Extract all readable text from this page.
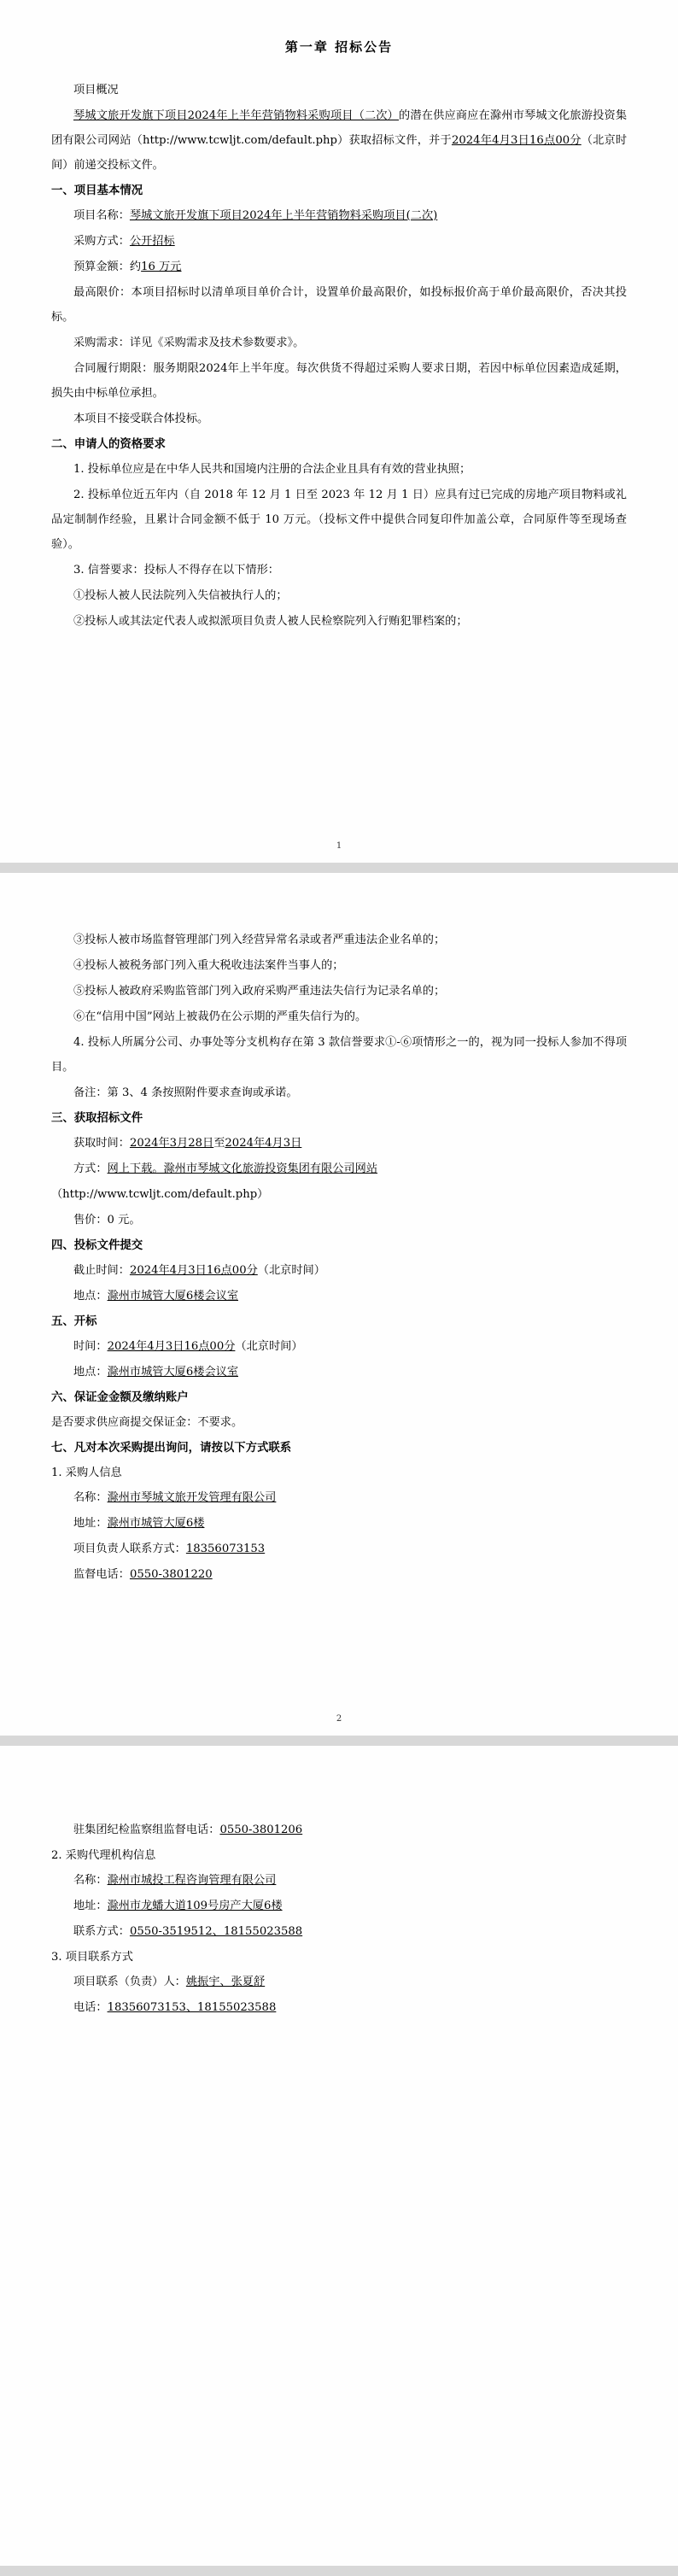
第一章 招标公告

项目概况

琴城文旅开发旗下项目2024年上半年营销物料采购项目（二次）的潜在供应商应在滁州市琴城文化旅游投资集团有限公司网站（http://www.tcwljt.com/default.php）获取招标文件，并于2024年4月3日16点00分（北京时间）前递交投标文件。

一、项目基本情况

项目名称：琴城文旅开发旗下项目2024年上半年营销物料采购项目(二次)

采购方式：公开招标

预算金额：约16 万元

最高限价：本项目招标时以清单项目单价合计，设置单价最高限价，如投标报价高于单价最高限价，否决其投标。

采购需求：详见《采购需求及技术参数要求》。

合同履行期限：服务期限2024年上半年度。每次供货不得超过采购人要求日期，若因中标单位因素造成延期，损失由中标单位承担。

本项目不接受联合体投标。

二、申请人的资格要求

1. 投标单位应是在中华人民共和国境内注册的合法企业且具有有效的营业执照；

2. 投标单位近五年内（自 2018 年 12 月 1 日至 2023 年 12 月 1 日）应具有过已完成的房地产项目物料或礼品定制制作经验，且累计合同金额不低于 10 万元。（投标文件中提供合同复印件加盖公章，合同原件等至现场查验）。

3. 信誉要求：投标人不得存在以下情形：

①投标人被人民法院列入失信被执行人的；

②投标人或其法定代表人或拟派项目负责人被人民检察院列入行贿犯罪档案的；

1

③投标人被市场监督管理部门列入经营异常名录或者严重违法企业名单的；

④投标人被税务部门列入重大税收违法案件当事人的；

⑤投标人被政府采购监管部门列入政府采购严重违法失信行为记录名单的；

⑥在“信用中国”网站上被裁仍在公示期的严重失信行为的。

4. 投标人所属分公司、办事处等分支机构存在第 3 款信誉要求①-⑥项情形之一的，视为同一投标人参加不得项目。

备注：第 3、4 条按照附件要求查询或承诺。

三、获取招标文件

获取时间：2024年3月28日至2024年4月3日

方式：网上下载。滁州市琴城文化旅游投资集团有限公司网站

（http://www.tcwljt.com/default.php）

售价：0 元。

四、投标文件提交

截止时间：2024年4月3日16点00分（北京时间）

地点：滁州市城管大厦6楼会议室

五、开标

时间：2024年4月3日16点00分（北京时间）

地点：滁州市城管大厦6楼会议室

六、保证金金额及缴纳账户

是否要求供应商提交保证金：不要求。

七、凡对本次采购提出询问，请按以下方式联系

1. 采购人信息

名称：滁州市琴城文旅开发管理有限公司

地址：滁州市城管大厦6楼

项目负责人联系方式：18356073153

监督电话：0550-3801220

2

驻集团纪检监察组监督电话：0550-3801206

2. 采购代理机构信息

名称：滁州市城投工程咨询管理有限公司

地址：滁州市龙蟠大道109号房产大厦6楼

联系方式：0550-3519512、18155023588

3. 项目联系方式

项目联系（负责）人：姚振宇、张夏舒

电话：18356073153、18155023588
